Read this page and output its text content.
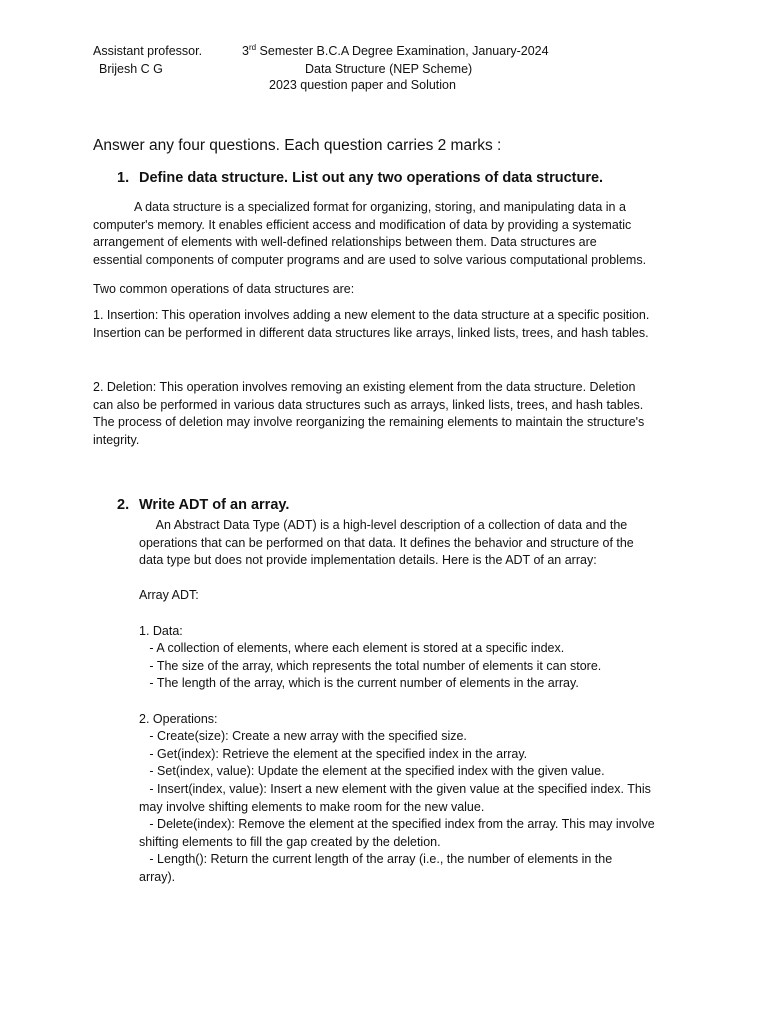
Assistant professor.
Brijesh C G
3rd Semester B.C.A Degree Examination, January-2024
Data Structure (NEP Scheme)
2023 question paper and Solution
Answer any four questions. Each question carries 2 marks :
1. Define data structure. List out any two operations of data structure.
A data structure is a specialized format for organizing, storing, and manipulating data in a
computer's memory. It enables efficient access and modification of data by providing a systematic
arrangement of elements with well-defined relationships between them. Data structures are
essential components of computer programs and are used to solve various computational problems.
Two common operations of data structures are:
1. Insertion: This operation involves adding a new element to the data structure at a specific position.
Insertion can be performed in different data structures like arrays, linked lists, trees, and hash tables.
2. Deletion: This operation involves removing an existing element from the data structure. Deletion
can also be performed in various data structures such as arrays, linked lists, trees, and hash tables.
The process of deletion may involve reorganizing the remaining elements to maintain the structure's
integrity.
2. Write ADT of an array.
An Abstract Data Type (ADT) is a high-level description of a collection of data and the
operations that can be performed on that data. It defines the behavior and structure of the
data type but does not provide implementation details. Here is the ADT of an array:

Array ADT:

1. Data:
- A collection of elements, where each element is stored at a specific index.
- The size of the array, which represents the total number of elements it can store.
- The length of the array, which is the current number of elements in the array.

2. Operations:
- Create(size): Create a new array with the specified size.
- Get(index): Retrieve the element at the specified index in the array.
- Set(index, value): Update the element at the specified index with the given value.
- Insert(index, value): Insert a new element with the given value at the specified index. This
may involve shifting elements to make room for the new value.
- Delete(index): Remove the element at the specified index from the array. This may involve
shifting elements to fill the gap created by the deletion.
- Length(): Return the current length of the array (i.e., the number of elements in the
array).
